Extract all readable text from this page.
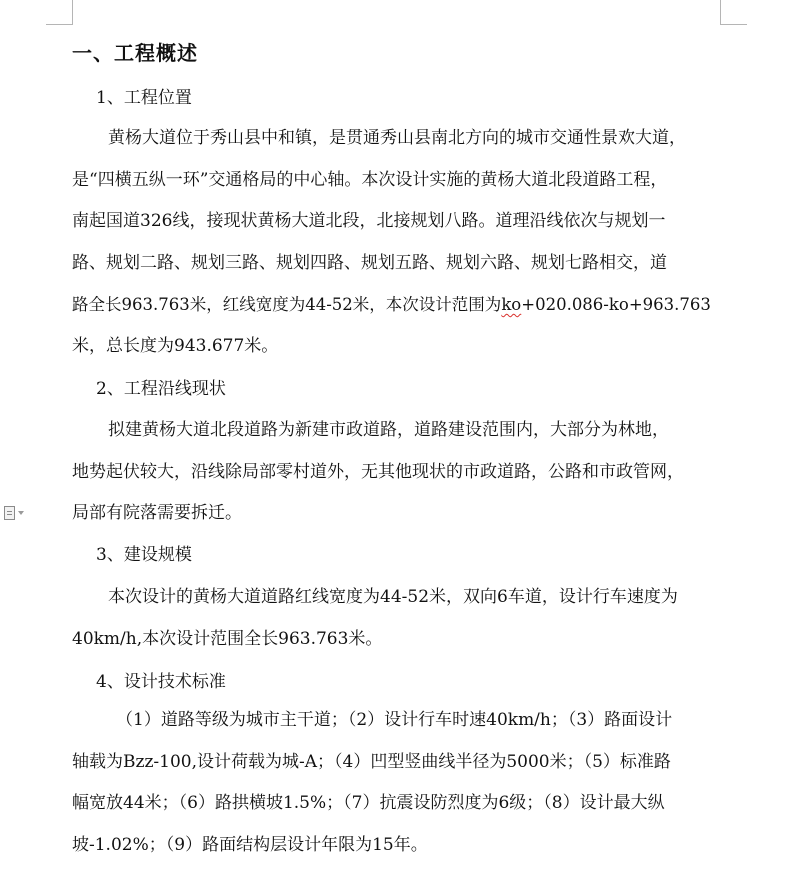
一、工程概述
1、工程位置
黄杨大道位于秀山县中和镇，是贯通秀山县南北方向的城市交通性景欢大道，
是“四横五纵一环”交通格局的中心轴。本次设计实施的黄杨大道北段道路工程，
南起国道326线，接现状黄杨大道北段，北接规划八路。道理沿线依次与规划一
路、规划二路、规划三路、规划四路、规划五路、规划六路、规划七路相交，道
路全长963.763米，红线宽度为44-52米，本次设计范围为ko+020.086-ko+963.763
米，总长度为943.677米。
2、工程沿线现状
拟建黄杨大道北段道路为新建市政道路，道路建设范围内，大部分为林地，
地势起伏较大，沿线除局部零村道外，无其他现状的市政道路，公路和市政管网，
局部有院落需要拆迁。
3、建设规模
本次设计的黄杨大道道路红线宽度为44-52米，双向6车道，设计行车速度为
40km/h,本次设计范围全长963.763米。
4、设计技术标准
（1）道路等级为城市主干道；（2）设计行车时速40km/h；（3）路面设计
轴载为Bzz-100,设计荷载为城-A；（4）凹型竖曲线半径为5000米；（5）标准路
幅宽放44米；（6）路拱横坡1.5%；（7）抗震设防烈度为6级；（8）设计最大纵
坡-1.02%；（9）路面结构层设计年限为15年。
